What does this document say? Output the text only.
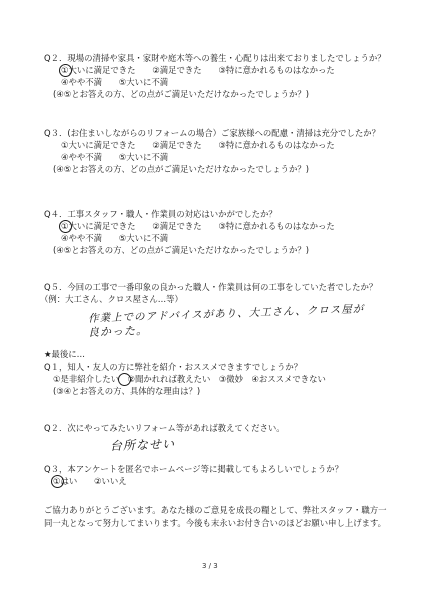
Q２．現場の清掃や家具・家財や庭木等への養生・心配りは出来ておりましたでしょうか？
①大いに満足できた　　②満足できた　　③特に意かれるものはなかった
④やや不満　　⑤大いに不満
(④⑤とお答えの方、どの点がご満足いただけなかったでしょうか？)
Q３．(お住まいしながらのリフォームの場合）ご家族様への配慮・清掃は充分でしたか？
①大いに満足できた　　②満足できた　　③特に意かれるものはなかった
④やや不満　　⑤大いに不満
(④⑤とお答えの方、どの点がご満足いただけなかったでしょうか？)
Q４．工事スタッフ・職人・作業員の対応はいかがでしたか？
①大いに満足できた　　②満足できた　　③特に意かれるものはなかった
④やや不満　　⑤大いに不満
(④⑤とお答えの方、どの点がご満足いただけなかったでしょうか？)
Q５．今回の工事で一番印象の良かった職人・作業員は何の工事をしていた者でしたか？
（例：大工さん、クロス屋さん…等）
作業上でのアドバイスがあり、大工さん、クロス屋が
良かった。
★最後に…
Q１，知人・友人の方に弊社を紹介・おススメできますでしょうか？
①是非紹介したい　②聞かれれば教えたい　③微妙　④おススメできない
(③④とお答えの方、具体的な理由は？)
Q２．次にやってみたいリフォーム等があれば教えてください。
台所なせい
Q３，本アンケートを匿名でホームページ等に掲載してもよろしいでしょうか？
①はい　　②いいえ
ご協力ありがとうございます。あなた様のご意見を成長の糧として、弊社スタッフ・職方一
同一丸となって努力してまいります。今後も末永いお付き合いのほどお願い申し上げます。
3 / 3
